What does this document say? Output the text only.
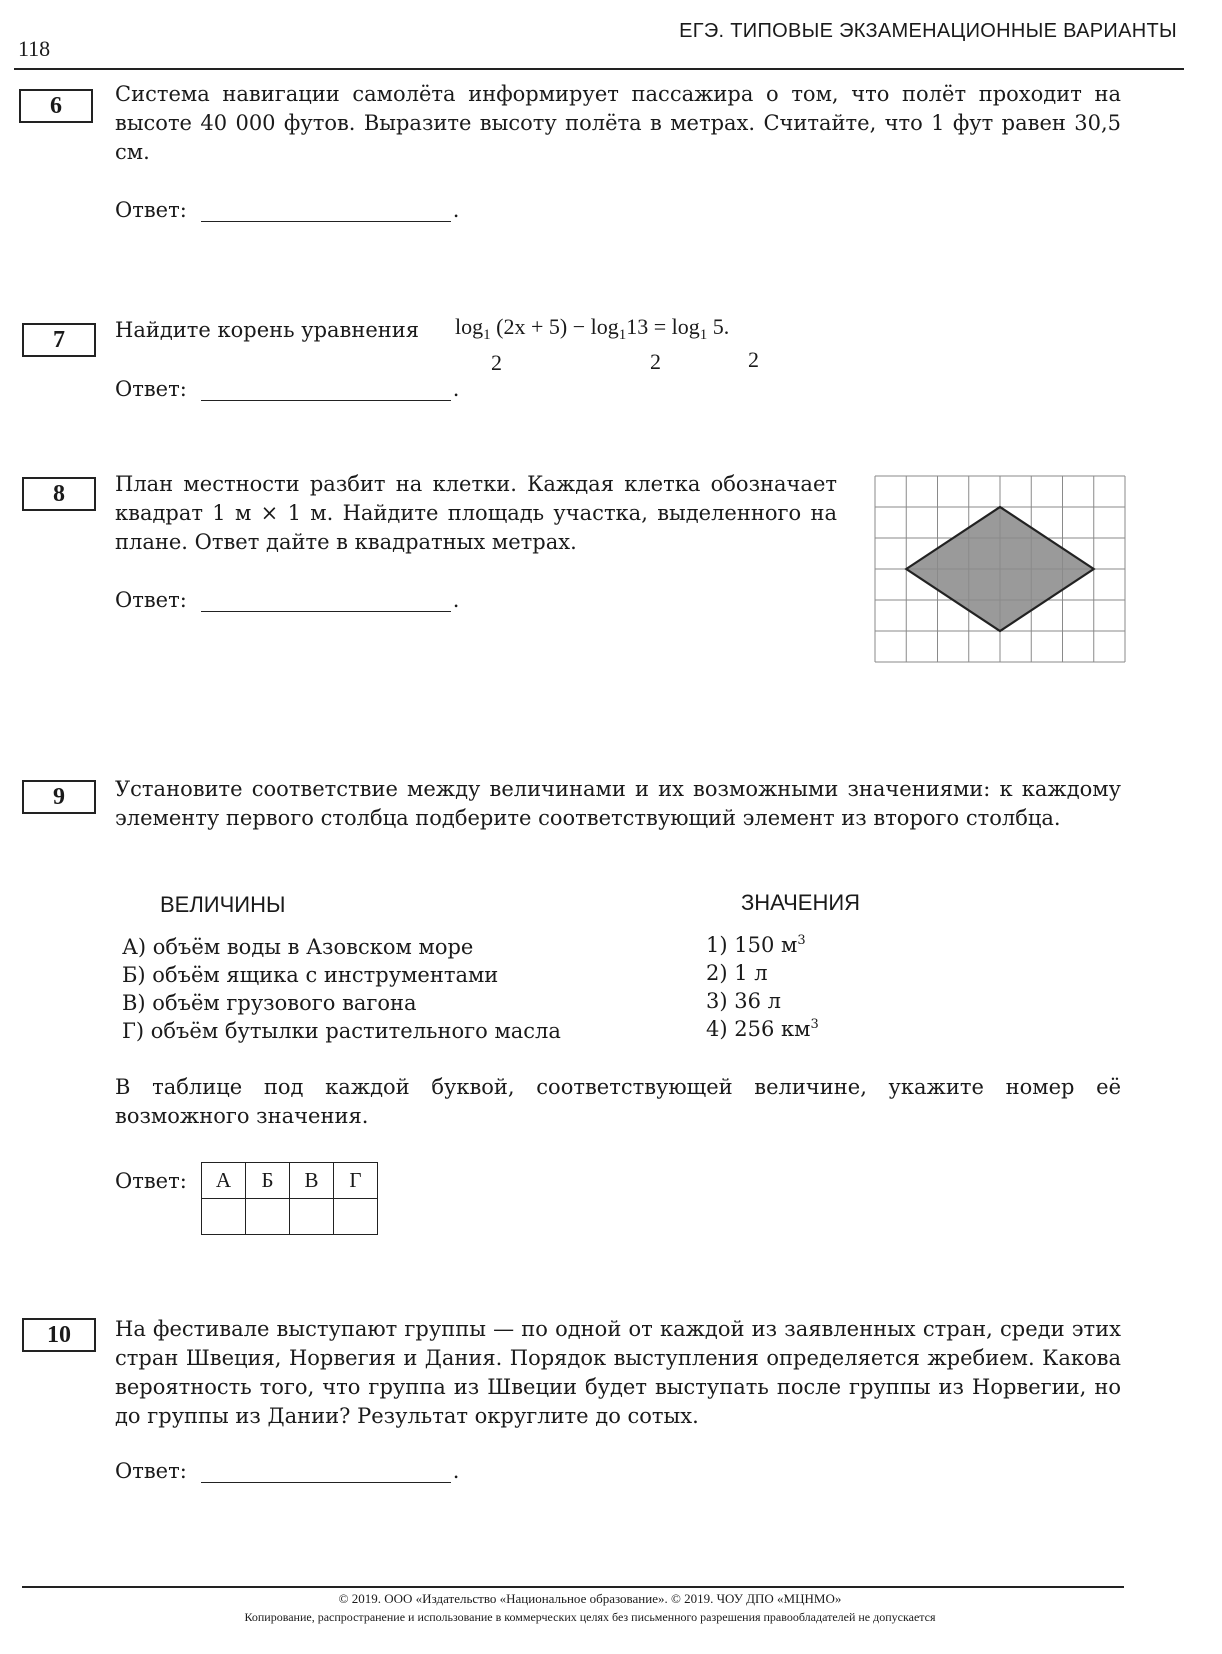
118
ЕГЭ. ТИПОВЫЕ ЭКЗАМЕНАЦИОННЫЕ ВАРИАНТЫ
6	Система навигации самолёта информирует пассажира о том, что полёт проходит на высоте 40 000 футов. Выразите высоту полёта в метрах. Считайте, что 1 фут равен 30,5 см.
Ответ:	.
7	Найдите корень уравнения $\log_1 (2x + 5) - \log_113 = \log_1 5$.
2	2	2
Ответ:	.
8	План местности разбит на клетки. Каждая клетка обозначает квадрат 1 м × 1 м. Найдите площадь участка, выделенного на плане. Ответ дайте в квадратных метрах.
Ответ:	.
9	Установите соответствие между величинами и их возможными значениями: к каждому элементу первого столбца подберите соответствующий элемент из второго столбца.
ВЕЛИЧИНЫ	ЗНАЧЕНИЯ
А) объём воды в Азовском море
Б) объём ящика с инструментами
В) объём грузового вагона
Г) объём бутылки растительного масла
1) 150 $м^3$
2) 1 л
3) 36 л
4) 256 $км^3$
В таблице под каждой буквой, соответствующей величине, укажите номер её возможного значения.
Ответ: А	Б	В	Г

10	На фестивале выступают группы — по одной от каждой из заявленных стран, среди этих стран Швеция, Норвегия и Дания. Порядок выступления определяется жребием. Какова вероятность того, что группа из Швеции будет выступать после группы из Норвегии, но до группы из Дании? Результат округлите до сотых.
Ответ:	.
© 2019. ООО «Издательство «Национальное образование». © 2019. ЧОУ ДПО «МЦНМО»
Копирование, распространение и использование в коммерческих целях без письменного разрешения правообладателей не допускается
